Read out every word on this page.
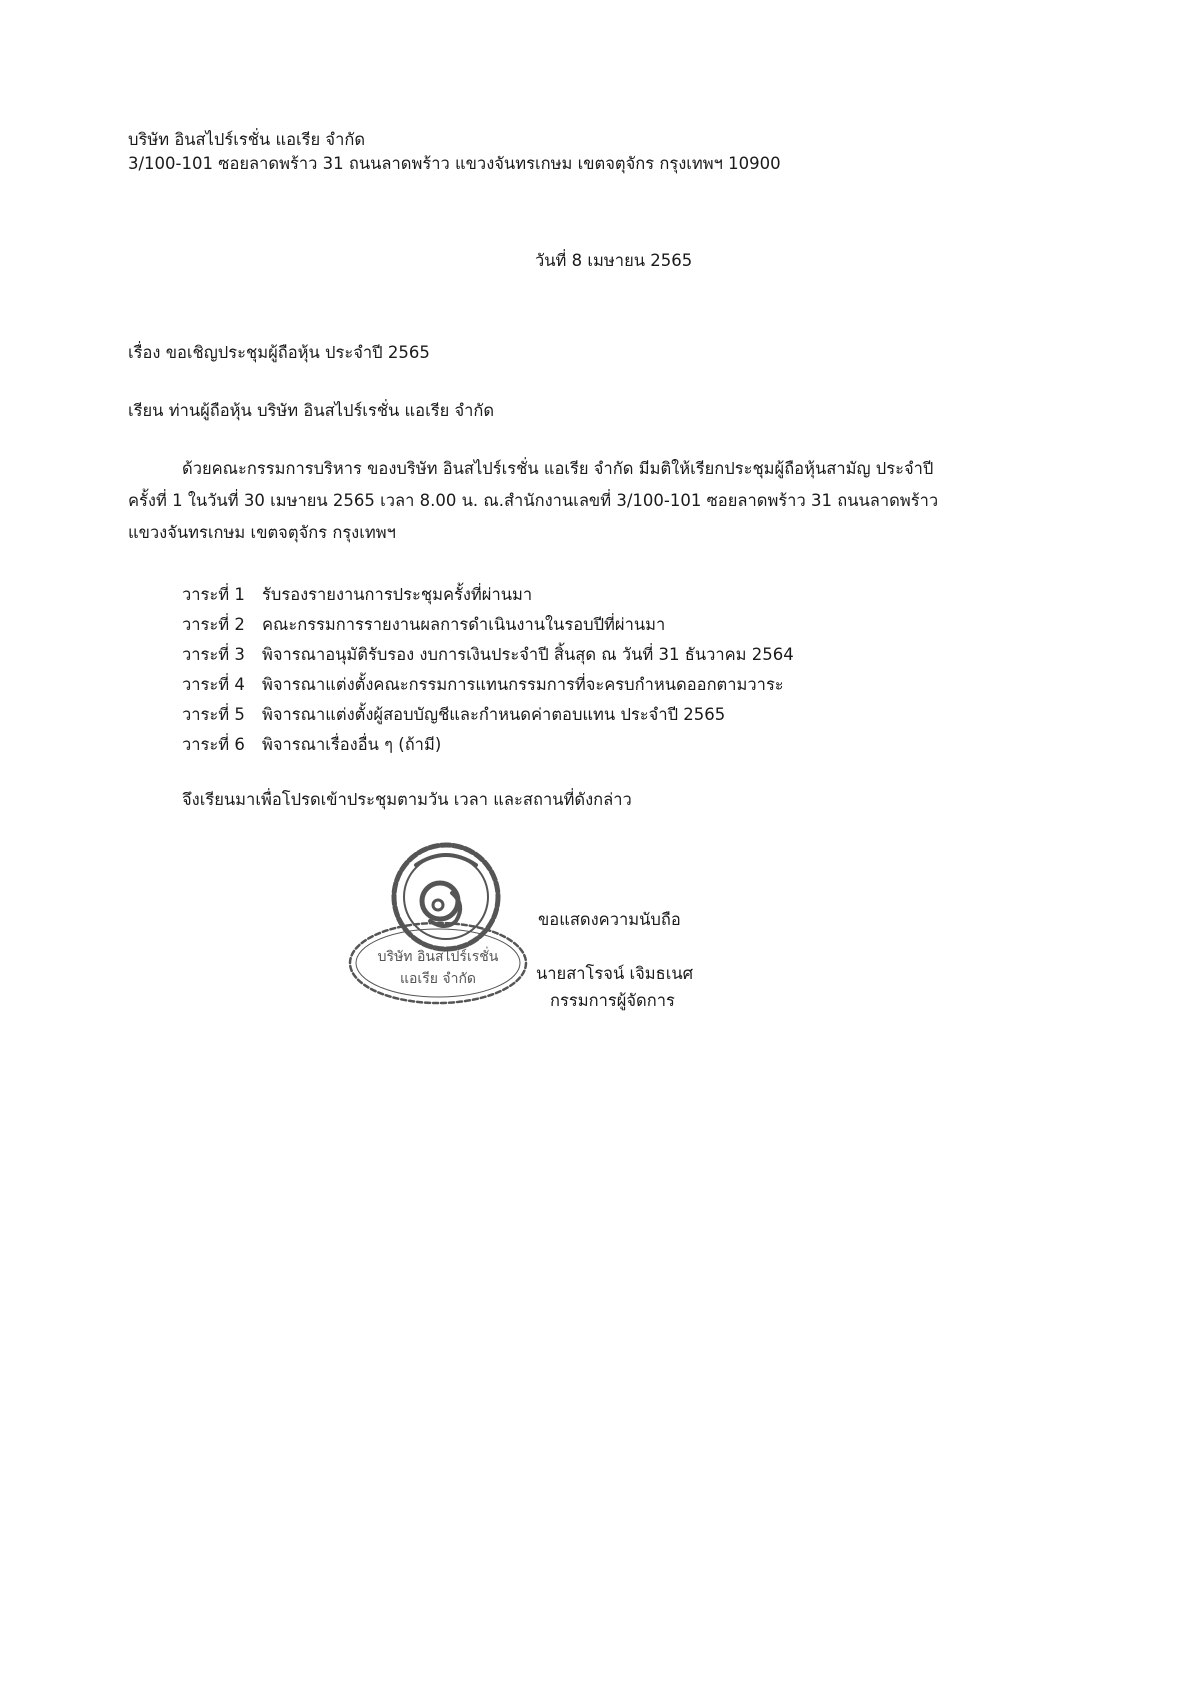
บริษัท อินสไปร์เรชั่น แอเรีย จำกัด
3/100-101 ซอยลาดพร้าว 31 ถนนลาดพร้าว แขวงจันทรเกษม เขตจตุจักร กรุงเทพฯ 10900
วันที่ 8 เมษายน 2565
เรื่อง ขอเชิญประชุมผู้ถือหุ้น ประจำปี 2565
เรียน ท่านผู้ถือหุ้น บริษัท อินสไปร์เรชั่น แอเรีย จำกัด
ด้วยคณะกรรมการบริหาร ของบริษัท อินสไปร์เรชั่น แอเรีย จำกัด มีมติให้เรียกประชุมผู้ถือหุ้นสามัญ ประจำปี
ครั้งที่ 1 ในวันที่ 30 เมษายน 2565 เวลา 8.00 น. ณ.สำนักงานเลขที่ 3/100-101 ซอยลาดพร้าว 31 ถนนลาดพร้าว
แขวงจันทรเกษม เขตจตุจักร กรุงเทพฯ
วาระที่ 1 รับรองรายงานการประชุมครั้งที่ผ่านมา
วาระที่ 2 คณะกรรมการรายงานผลการดำเนินงานในรอบปีที่ผ่านมา
วาระที่ 3 พิจารณาอนุมัติรับรอง งบการเงินประจำปี สิ้นสุด ณ วันที่ 31 ธันวาคม 2564
วาระที่ 4 พิจารณาแต่งตั้งคณะกรรมการแทนกรรมการที่จะครบกำหนดออกตามวาระ
วาระที่ 5 พิจารณาแต่งตั้งผู้สอบบัญชีและกำหนดค่าตอบแทน ประจำปี 2565
วาระที่ 6 พิจารณาเรื่องอื่น ๆ (ถ้ามี)
จึงเรียนมาเพื่อโปรดเข้าประชุมตามวัน เวลา และสถานที่ดังกล่าว
บริษัท อินสไปร์เรชั่น
แอเรีย จำกัด
ขอแสดงความนับถือ
นายสาโรจน์ เจิมธเนศ
กรรมการผู้จัดการ
